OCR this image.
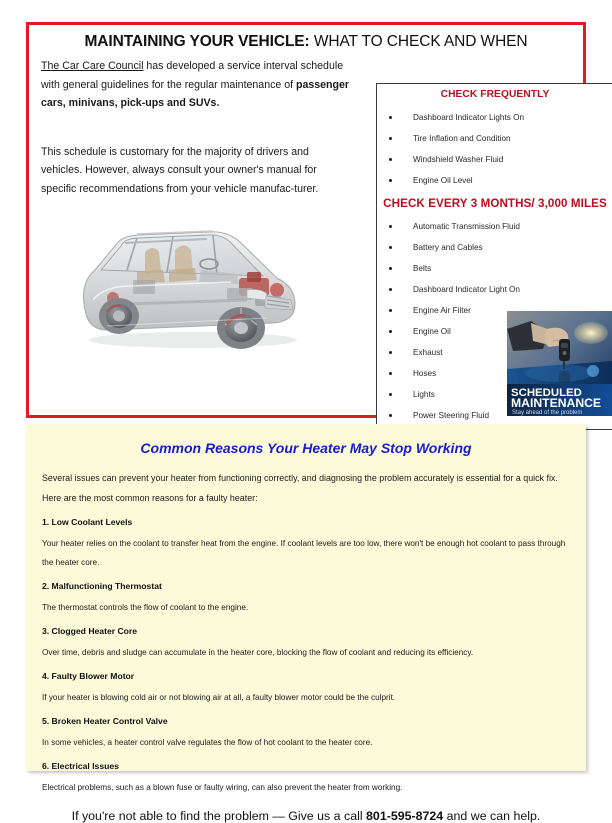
MAINTAINING YOUR VEHICLE: WHAT TO CHECK AND WHEN

The Car Care Council has developed a service interval schedule with general guidelines for the regular maintenance of passenger cars, minivans, pick-ups and SUVs.

This schedule is customary for the majority of drivers and vehicles. However, always consult your owner's manual for specific recommendations from your vehicle manufac-turer.

CHECK FREQUENTLY
Dashboard Indicator Lights On
Tire Inflation and Condition
Windshield Washer Fluid
Engine Oil Level
CHECK EVERY 3 MONTHS/ 3,000 MILES
Automatic Transmission Fluid
Battery and Cables
Belts
Dashboard Indicator Light On
Engine Air Filter
Engine Oil
Exhaust
Hoses
Lights
Power Steering Fluid
SCHEDULED
MAINTENANCE
Stay ahead of the problem
Common Reasons Your Heater May Stop Working

Several issues can prevent your heater from functioning correctly, and diagnosing the problem accurately is essential for a quick fix. Here are the most common reasons for a faulty heater:

1. Low Coolant Levels
Your heater relies on the coolant to transfer heat from the engine. If coolant levels are too low, there won't be enough hot coolant to pass through the heater core.
2. Malfunctioning Thermostat
The thermostat controls the flow of coolant to the engine.
3. Clogged Heater Core
Over time, debris and sludge can accumulate in the heater core, blocking the flow of coolant and reducing its efficiency.
4. Faulty Blower Motor
If your heater is blowing cold air or not blowing air at all, a faulty blower motor could be the culprit.
5. Broken Heater Control Valve
In some vehicles, a heater control valve regulates the flow of hot coolant to the heater core.
6. Electrical Issues
Electrical problems, such as a blown fuse or faulty wiring, can also prevent the heater from working.
If you're not able to find the problem — Give us a call 801-595-8724 and we can help.
